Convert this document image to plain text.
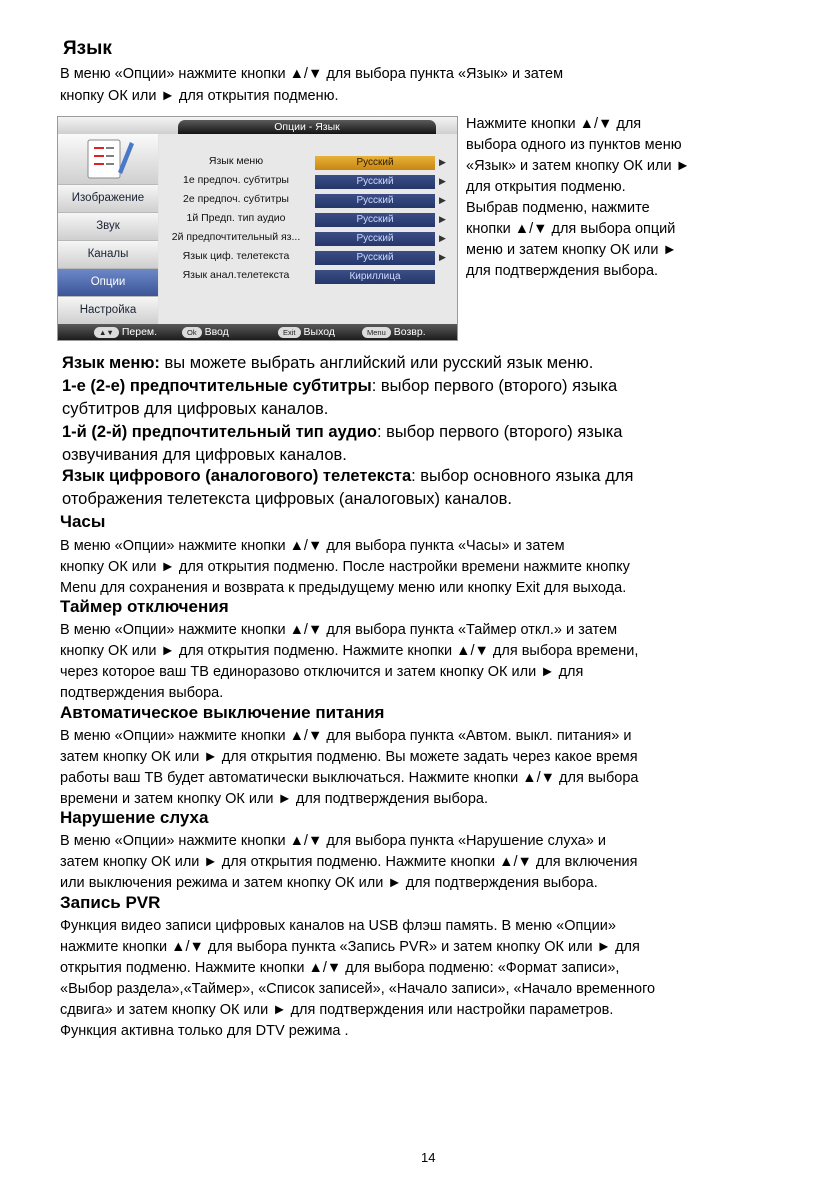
Язык

В меню «Опции» нажмите кнопки ▲/▼ для выбора пункта «Язык» и затем

кнопку ОК или ► для открытия подменю.

Опции - Язык
Изображение
Звук
Каналы
Опции
Настройка
Язык меню	Русский	▶
1е предпоч. субтитры	Русский	▶
2е предпоч. субтитры	Русский	▶
1й Предп. тип аудио	Русский	▶
2й предпочтительный яз...	Русский	▶
Язык циф. телетекста	Русский	▶
Язык анал.телетекста	Кириллица
▲▼ Перем.	Ok Ввод	Exit Выход	Menu Возвр.
Нажмите кнопки ▲/▼ для
выбора одного из пунктов меню
«Язык» и затем кнопку ОК или ►
для открытия подменю.
Выбрав подменю, нажмите
кнопки ▲/▼ для выбора опций
меню и затем кнопку ОК или ►
для подтверждения выбора.

Язык меню: вы можете выбрать английский или русский язык меню.

1-е (2-е) предпочтительные субтитры: выбор первого (второго) языка

субтитров для цифровых каналов.

1-й (2-й) предпочтительный тип аудио: выбор первого (второго) языка

озвучивания для цифровых каналов.

Язык цифрового (аналогового) телетекста: выбор основного языка для

отображения телетекста цифровых (аналоговых) каналов.

Часы

В меню «Опции» нажмите кнопки ▲/▼ для выбора пункта «Часы» и затем

кнопку ОК или ► для открытия подменю. После настройки времени нажмите кнопку

Menu для сохранения и возврата к предыдущему меню или кнопку Exit для выхода.

Таймер отключения

В меню «Опции» нажмите кнопки ▲/▼ для выбора пункта «Таймер откл.» и затем

кнопку ОК или ► для открытия подменю. Нажмите кнопки ▲/▼ для выбора времени,

через которое ваш ТВ единоразово отключится и затем кнопку ОК или ► для

подтверждения выбора.

Автоматическое выключение питания

В меню «Опции» нажмите кнопки ▲/▼ для выбора пункта «Автом. выкл. питания» и

затем кнопку ОК или ► для открытия подменю. Вы можете задать через какое время

работы ваш ТВ будет автоматически выключаться. Нажмите кнопки ▲/▼ для выбора

времени и затем кнопку ОК или ► для подтверждения выбора.

Нарушение слуха

В меню «Опции» нажмите кнопки ▲/▼ для выбора пункта «Нарушение слуха» и

затем кнопку ОК или ► для открытия подменю. Нажмите кнопки ▲/▼ для включения

или выключения режима и затем кнопку ОК или ► для подтверждения выбора.

Запись PVR

Функция видео записи цифровых каналов на USB флэш память. В меню «Опции»

нажмите кнопки ▲/▼ для выбора пункта «Запись PVR» и затем кнопку ОК или ► для

открытия подменю. Нажмите кнопки ▲/▼ для выбора подменю: «Формат записи»,

«Выбор раздела»,«Таймер», «Список записей», «Начало записи», «Начало временного

сдвига» и затем кнопку ОК или ► для подтверждения или настройки параметров.

Функция активна только для DTV режима .

14
